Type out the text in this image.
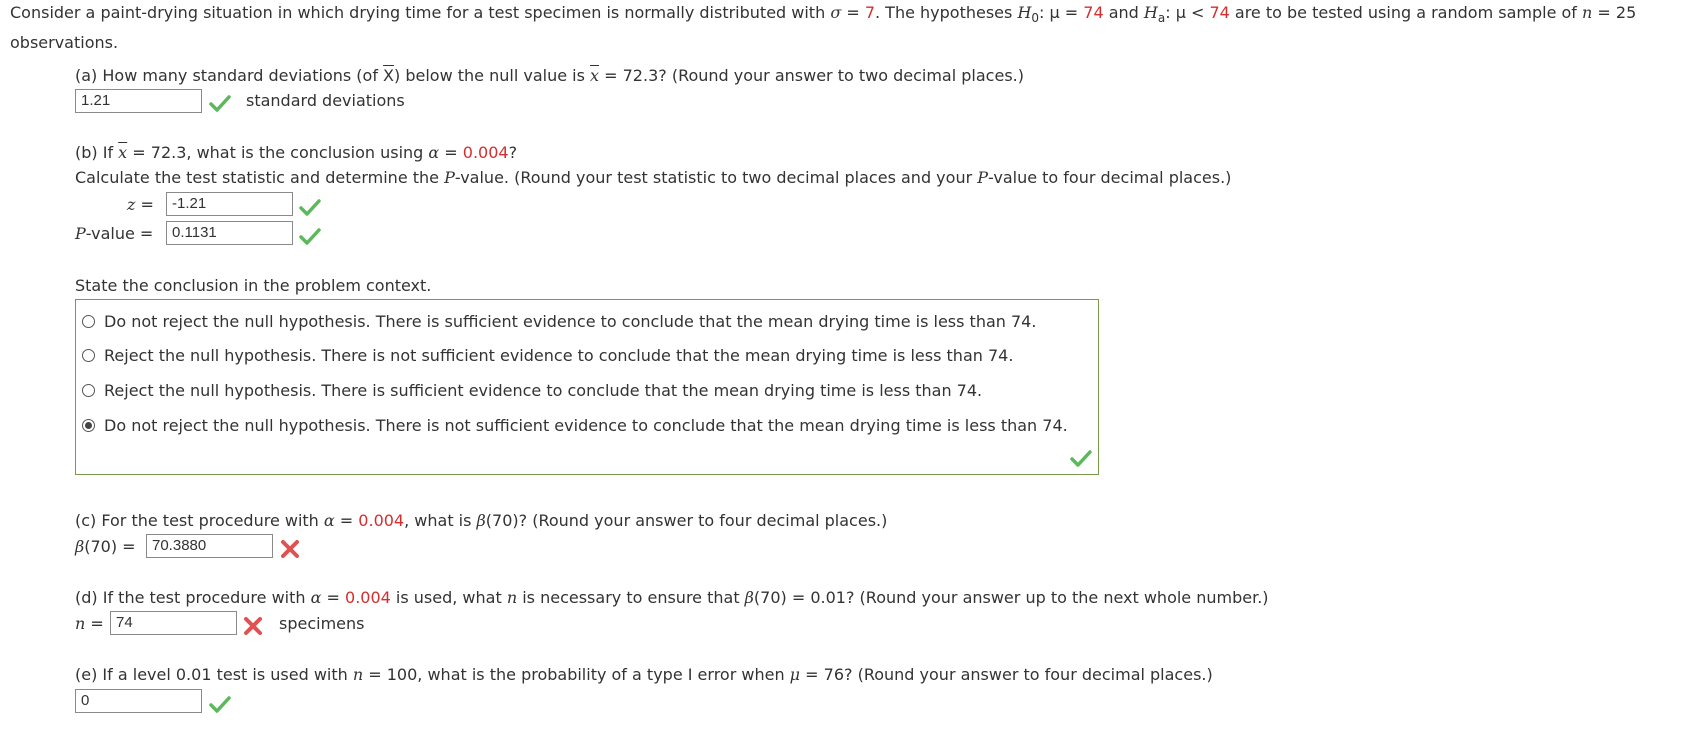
Consider a paint-drying situation in which drying time for a test specimen is normally distributed with σ = 7. The hypotheses $H_0$: μ = 74 and $H_a$: μ < 74 are to be tested using a random sample of n = 25
observations.
(a) How many standard deviations (of $\overline{X}$) below the null value is $\overline{x} = 72.3$? (Round your answer to two decimal places.)
1.21	standard deviations
(b) If $\overline{x} = 72.3$, what is the conclusion using α = 0.004?
Calculate the test statistic and determine the P-value. (Round your test statistic to two decimal places and your P-value to four decimal places.)
z =	-1.21
P-value =	0.1131
State the conclusion in the problem context.
Do not reject the null hypothesis. There is sufficient evidence to conclude that the mean drying time is less than 74.
Reject the null hypothesis. There is not sufficient evidence to conclude that the mean drying time is less than 74.
Reject the null hypothesis. There is sufficient evidence to conclude that the mean drying time is less than 74.
Do not reject the null hypothesis. There is not sufficient evidence to conclude that the mean drying time is less than 74.
(c) For the test procedure with α = 0.004, what is β(70)? (Round your answer to four decimal places.)
β(70) =	70.3880
(d) If the test procedure with α = 0.004 is used, what n is necessary to ensure that β(70) = 0.01? (Round your answer up to the next whole number.)
n = 74	specimens
(e) If a level 0.01 test is used with n = 100, what is the probability of a type I error when μ = 76? (Round your answer to four decimal places.)
0
